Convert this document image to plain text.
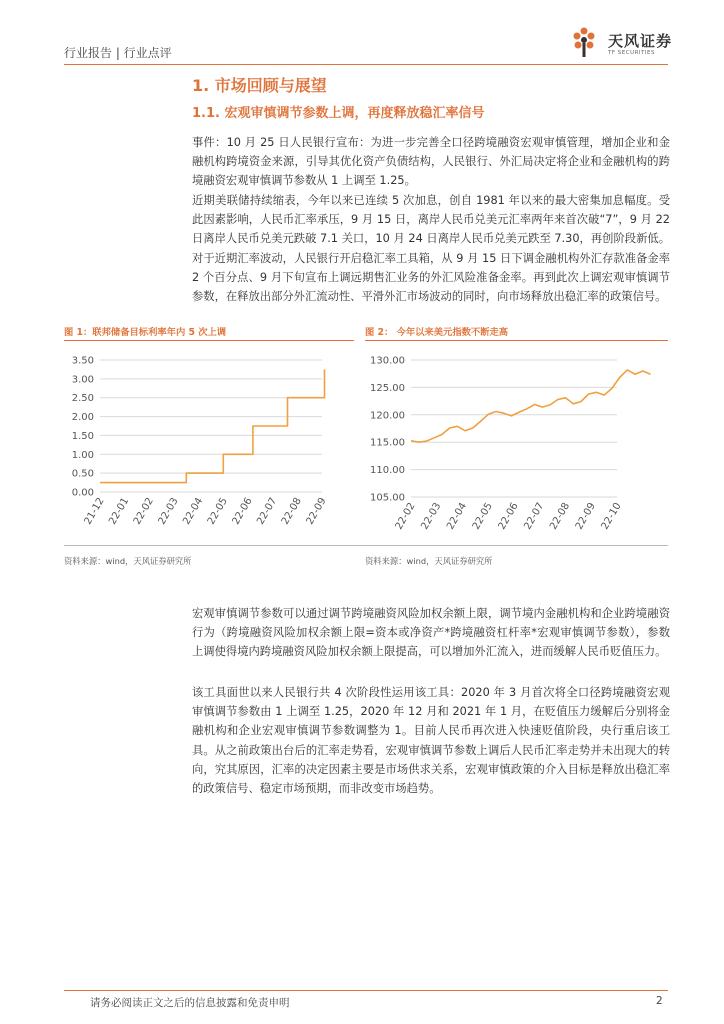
行业报告 | 行业点评
天风证券
TF SECURITIES
1. 市场回顾与展望
1.1. 宏观审慎调节参数上调，再度释放稳汇率信号

事件：10 月 25 日人民银行宣布：为进一步完善全口径跨境融资宏观审慎管理，增加企业和金融机构跨境资金来源，引导其优化资产负债结构，人民银行、外汇局决定将企业和金融机构的跨境融资宏观审慎调节参数从 1 上调至 1.25。

近期美联储持续缩表，今年以来已连续 5 次加息，创自 1981 年以来的最大密集加息幅度。受此因素影响，人民币汇率承压，9 月 15 日，离岸人民币兑美元汇率两年来首次破“7”，9 月 22 日离岸人民币兑美元跌破 7.1 关口，10 月 24 日离岸人民币兑美元跌至 7.30，再创阶段新低。对于近期汇率波动，人民银行开启稳汇率工具箱，从 9 月 15 日下调金融机构外汇存款准备金率 2 个百分点、9 月下旬宣布上调远期售汇业务的外汇风险准备金率。再到此次上调宏观审慎调节参数，在释放出部分外汇流动性、平滑外汇市场波动的同时，向市场释放出稳汇率的政策信号。

宏观审慎调节参数可以通过调节跨境融资风险加权余额上限，调节境内金融机构和企业跨境融资行为（跨境融资风险加权余额上限=资本或净资产*跨境融资杠杆率*宏观审慎调节参数），参数上调使得境内跨境融资风险加权余额上限提高，可以增加外汇流入，进而缓解人民币贬值压力。

该工具面世以来人民银行共 4 次阶段性运用该工具：2020 年 3 月首次将全口径跨境融资宏观审慎调节参数由 1 上调至 1.25，2020 年 12 月和 2021 年 1 月，在贬值压力缓解后分别将金融机构和企业宏观审慎调节参数调整为 1。目前人民币再次进入快速贬值阶段，央行重启该工具。从之前政策出台后的汇率走势看，宏观审慎调节参数上调后人民币汇率走势并未出现大的转向，究其原因，汇率的决定因素主要是市场供求关系，宏观审慎政策的介入目标是释放出稳汇率的政策信号、稳定市场预期，而非改变市场趋势。

图 1：联邦储备目标利率年内 5 次上调
3.50
3.00
2.50
2.00
1.50
1.00
0.50
0.00
21-12 22-01 22-02 22-03 22-04 22-05 22-06 22-07 22-08 22-09
资料来源：wind，天风证券研究所
图 2： 今年以来美元指数不断走高
130.00
125.00
120.00
115.00
110.00
105.00
22-02 22-03 22-04 22-05 22-06 22-07 22-08 22-09 22-10
资料来源：wind，天风证券研究所
请务必阅读正文之后的信息披露和免责申明	2
